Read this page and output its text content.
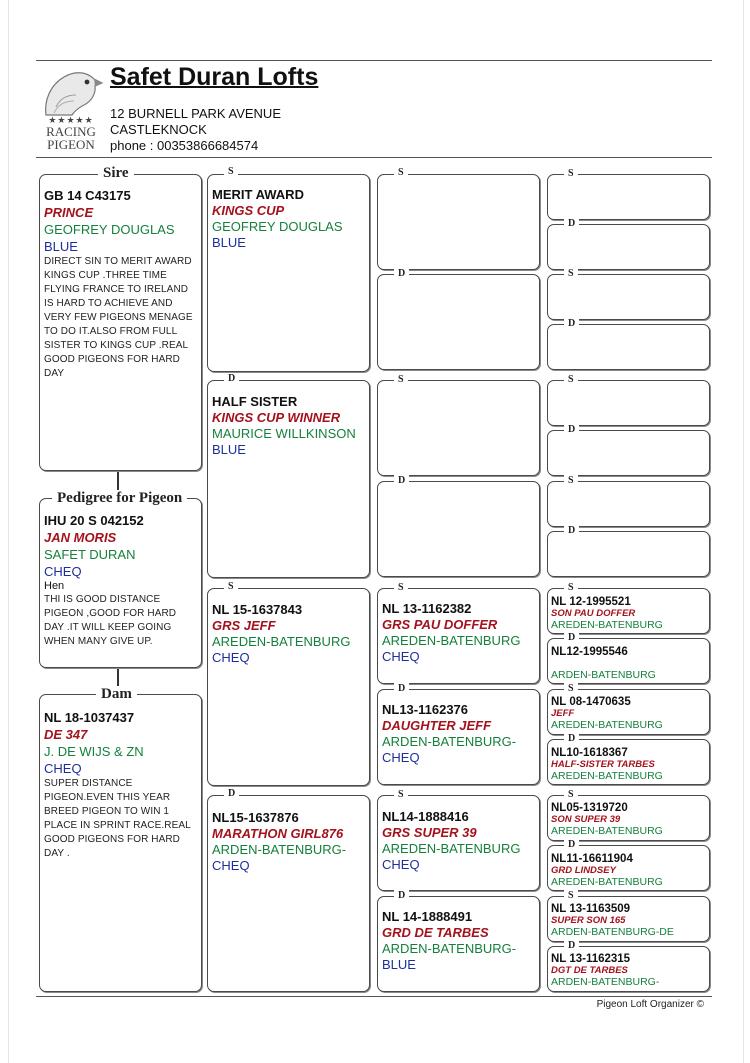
★★★★★
RACING
PIGEON
Safet Duran Lofts
12 BURNELL PARK AVENUE
CASTLEKNOCK
phone : 00353866684574
GB 14 C43175
PRINCE
GEOFREY DOUGLAS
BLUE
DIRECT SIN TO MERIT AWARD KINGS CUP .THREE TIME FLYING FRANCE TO IRELAND IS HARD TO ACHIEVE AND VERY FEW PIGEONS MENAGE TO DO IT.ALSO FROM FULL SISTER TO KINGS CUP .REAL GOOD PIGEONS FOR HARD DAY
Sire
IHU 20 S 042152
JAN MORIS
SAFET DURAN
CHEQ
Hen
THI IS GOOD DISTANCE PIGEON ,GOOD FOR HARD DAY .IT WILL KEEP GOING WHEN MANY GIVE UP.
Pedigree for Pigeon
NL 18-1037437
DE 347
J. DE WIJS & ZN
CHEQ
SUPER DISTANCE PIGEON.EVEN THIS YEAR BREED PIGEON TO WIN 1 PLACE IN SPRINT RACE.REAL GOOD PIGEONS FOR HARD DAY .
Dam
MERIT AWARD
KINGS CUP
GEOFREY DOUGLAS
BLUE
S
HALF SISTER
KINGS CUP WINNER
MAURICE WILLKINSON
BLUE
D
NL 15-1637843
GRS JEFF
AREDEN-BATENBURG
CHEQ
S
NL15-1637876
MARATHON GIRL876
ARDEN-BATENBURG-
CHEQ
D
S
D
S
D
NL 13-1162382
GRS PAU DOFFER
AREDEN-BATENBURG
CHEQ
S
NL13-1162376
DAUGHTER JEFF
ARDEN-BATENBURG-
CHEQ
D
NL14-1888416
GRS SUPER 39
AREDEN-BATENBURG
CHEQ
S
NL 14-1888491
GRD DE TARBES
ARDEN-BATENBURG-
BLUE
D
S
D
S
D
S
D
S
D
NL 12-1995521
SON PAU DOFFER
AREDEN-BATENBURG
S
NL12-1995546
ARDEN-BATENBURG
D
NL 08-1470635
JEFF
AREDEN-BATENBURG
S
NL10-1618367
HALF-SISTER TARBES
AREDEN-BATENBURG
D
NL05-1319720
SON SUPER 39
AREDEN-BATENBURG
S
NL11-16611904
GRD LINDSEY
AREDEN-BATENBURG
D
NL 13-1163509
SUPER SON 165
ARDEN-BATENBURG-DE
S
NL 13-1162315
DGT DE TARBES
ARDEN-BATENBURG-
D
Pigeon Loft Organizer ©
